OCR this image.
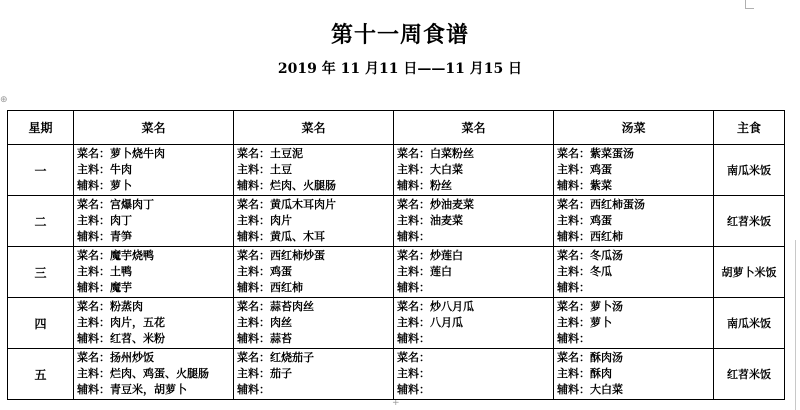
⊕
+
第十一周食谱
2019 年 11 月11 日——11 月15 日
星期	菜名	菜名	菜名	汤菜	主食
一	菜名：萝卜烧牛肉
主料：牛肉
辅料：萝卜	菜名：土豆泥
主料：土豆
辅料：烂肉、火腿肠	菜名：白菜粉丝
主料：大白菜
辅料：粉丝	菜名：紫菜蛋汤
主料：鸡蛋
辅料：紫菜	南瓜米饭
二	菜名：宫爆肉丁
主料：肉丁
辅料：青笋	菜名：黄瓜木耳肉片
主料：肉片
辅料：黄瓜、木耳	菜名：炒油麦菜
主料：油麦菜
辅料：	菜名：西红柿蛋汤
主料：鸡蛋
辅料：西红柿	红苕米饭
三	菜名：魔芋烧鸭
主料：土鸭
辅料：魔芋	菜名：西红柿炒蛋
主料：鸡蛋
辅料：西红柿	菜名：炒莲白
主料：莲白
辅料：	菜名：冬瓜汤
主料：冬瓜
辅料：	胡萝卜米饭
四	菜名：粉蒸肉
主料：肉片，五花
辅料：红苕、米粉	菜名：蒜苔肉丝
主料：肉丝
辅料：蒜苔	菜名：炒八月瓜
主料：八月瓜
辅料：	菜名：萝卜汤
主料：萝卜
辅料：	南瓜米饭
五	菜名：扬州炒饭
主料：烂肉、鸡蛋、火腿肠
辅料：青豆米，胡萝卜	菜名：红烧茄子
主料：茄子
辅料：	菜名：
主料：
辅料：	菜名：酥肉汤
主料：酥肉
辅料：大白菜	红苕米饭
